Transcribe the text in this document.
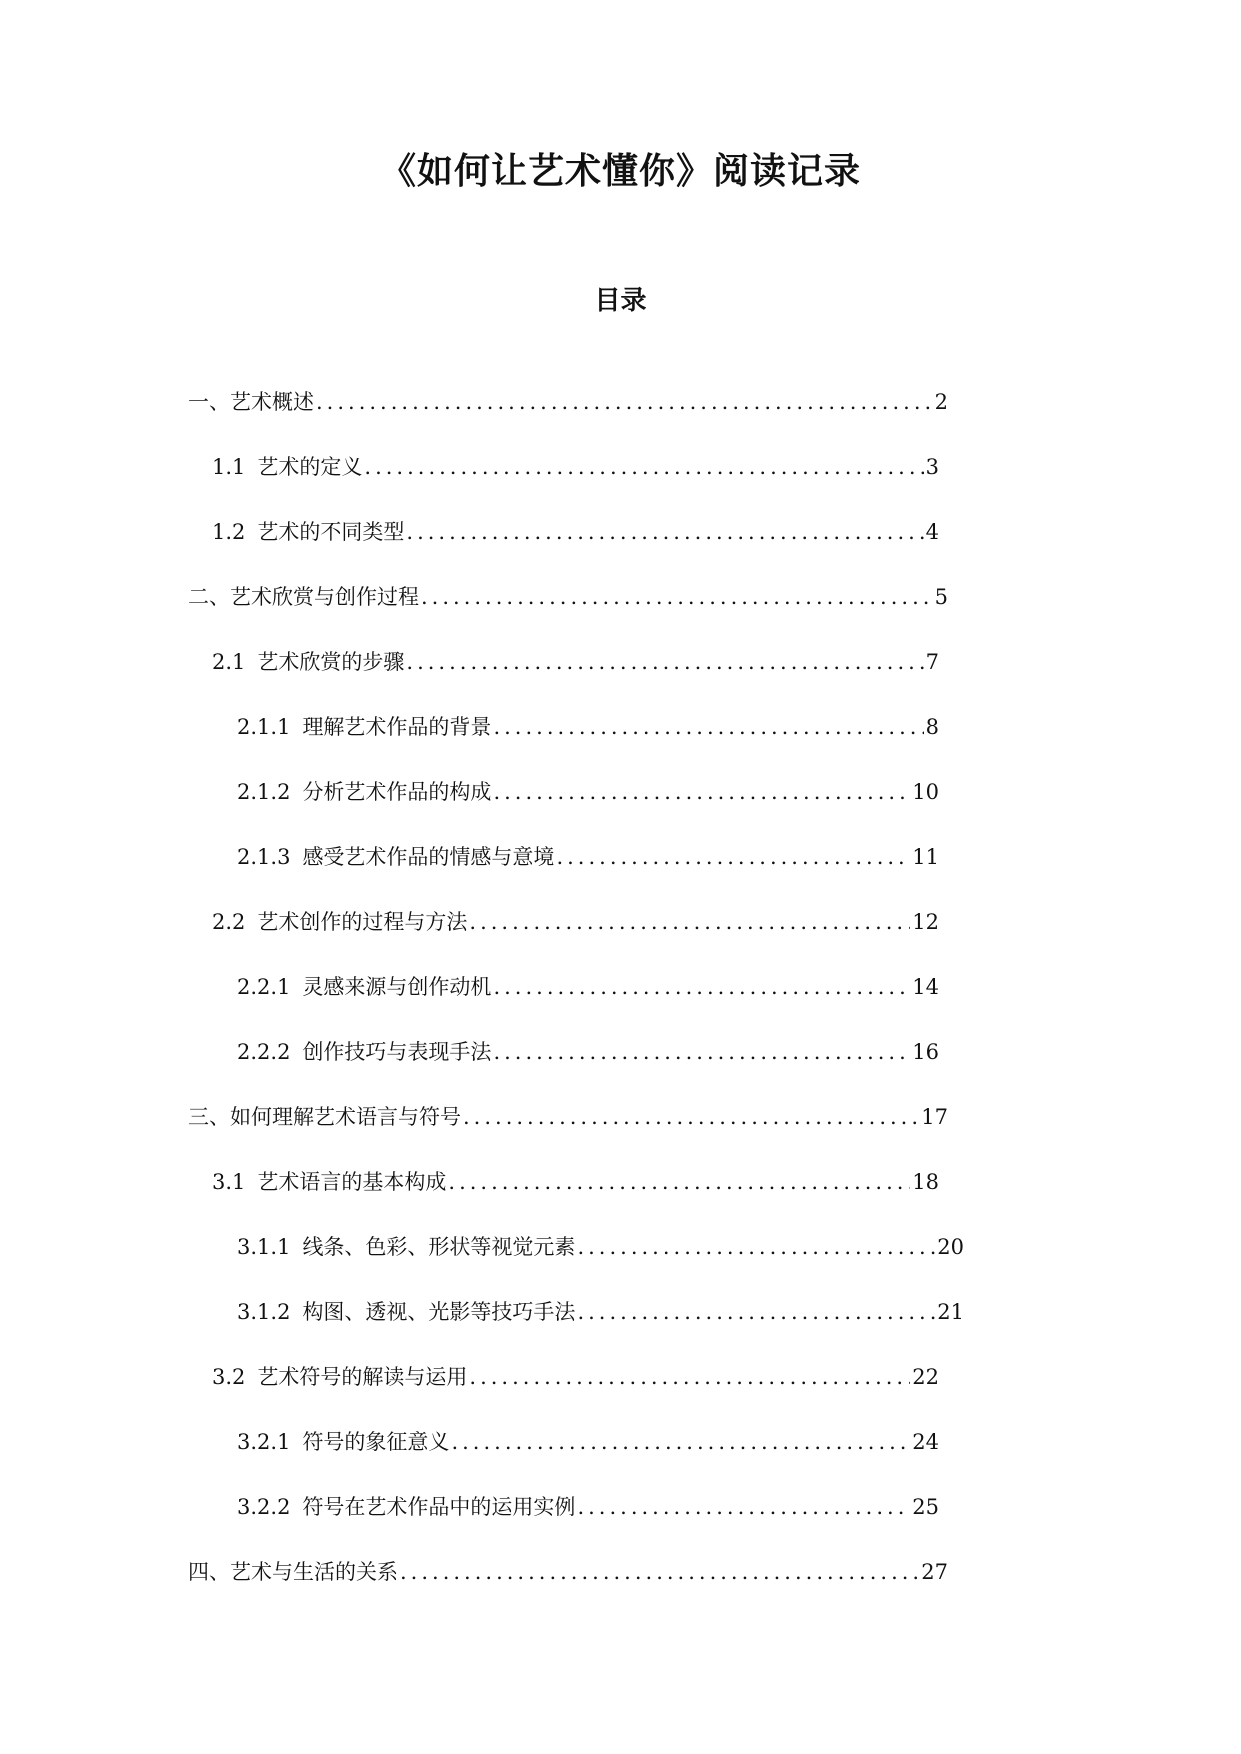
《如何让艺术懂你》阅读记录
目录
一、艺术概述 .....	2
1.1 艺术的定义 .....	3
1.2 艺术的不同类型 .....	4
二、艺术欣赏与创作过程 .....	5
2.1 艺术欣赏的步骤 .....	7
2.1.1 理解艺术作品的背景 .....	8
2.1.2 分析艺术作品的构成 .....	10
2.1.3 感受艺术作品的情感与意境 .....	11
2.2 艺术创作的过程与方法 .....	12
2.2.1 灵感来源与创作动机 .....	14
2.2.2 创作技巧与表现手法 .....	16
三、如何理解艺术语言与符号 .....	17
3.1 艺术语言的基本构成 .....	18
3.1.1 线条、色彩、形状等视觉元素 .....	20
3.1.2 构图、透视、光影等技巧手法 .....	21
3.2 艺术符号的解读与运用 .....	22
3.2.1 符号的象征意义 .....	24
3.2.2 符号在艺术作品中的运用实例 .....	25
四、艺术与生活的关系 .....	27
